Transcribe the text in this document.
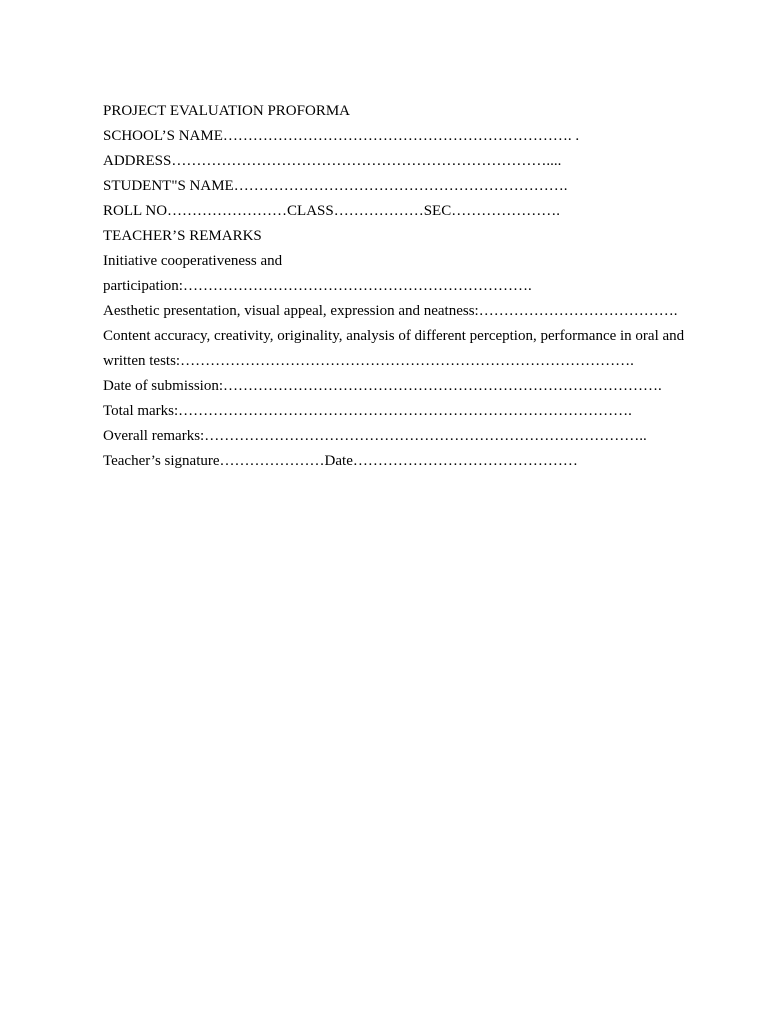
PROJECT EVALUATION PROFORMA
SCHOOL’S NAME……………………………………………………………. .
ADDRESS…………………………………………………………………....
STUDENT"S NAME………………………………………………………….
ROLL NO……………………CLASS………………SEC………………….
TEACHER’S REMARKS
Initiative cooperativeness and
participation:…………………………………………………………….
Aesthetic presentation, visual appeal, expression and neatness:………………………………….
Content accuracy, creativity, originality, analysis of different perception, performance in oral and
written tests:……………………………………………………………………………….
Date of submission:…………………………………………………………………………….
Total marks:……………………………………………………………………………….
Overall remarks:……………………………………………………………………………..
Teacher’s signature…………………Date………………………………………
